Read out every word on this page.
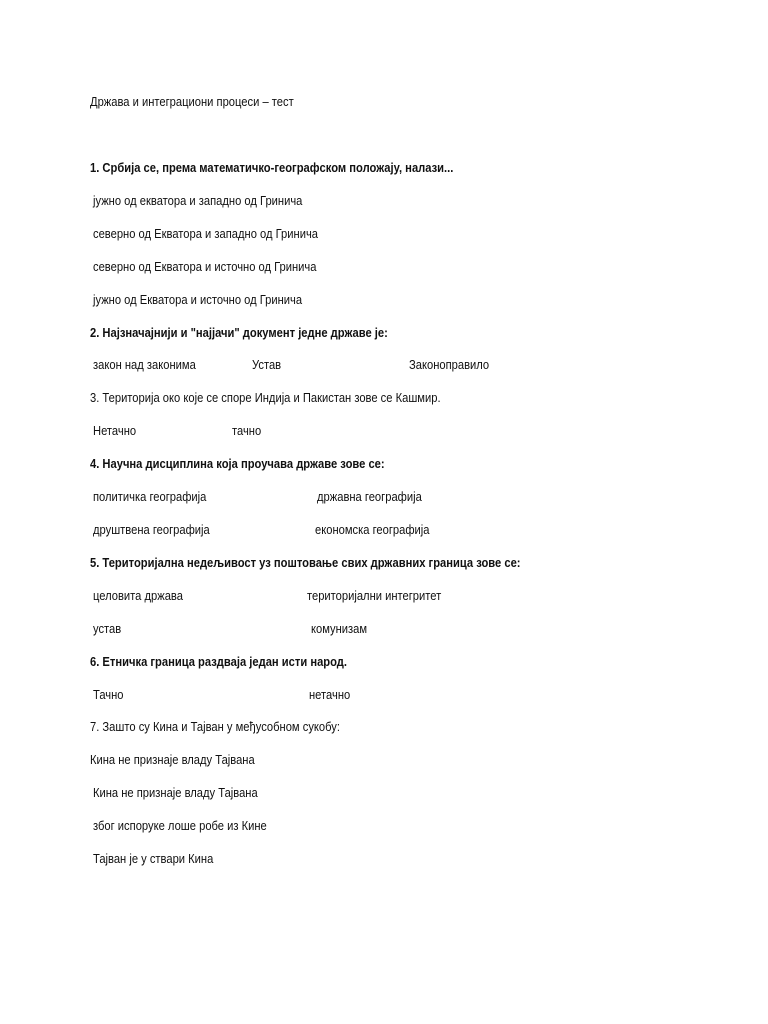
Држава и интеграциони процеси – тест
1. Србија се, према математичко-географском положају, налази...
јужно од екватора и западно од Гринича
северно од Екватора и западно од Гринича
северно од Екватора и источно од Гринича
јужно од Екватора и источно од Гринича
2. Најзначајнији и "најјачи" документ једне државе је:
закон над законима	Устав	Законоправило
3. Територија око које се споре Индија и Пакистан зове се Кашмир.
Нетачно	тачно
4. Научна дисциплина која проучава државе зове се:
политичка географија	државна географија
друштвена географија	економска географија
5. Територијална недељивост уз поштовање свих државних граница зове се:
целовита држава	територијални интегритет
устав	комунизам
6. Етничка граница раздваја један исти народ.
Тачно	нетачно
7. Зашто су Кина и Тајван у међусобном сукобу:
Кина не признаје владу Тајвана
Кина не признаје владу Тајвана
због испоруке лоше робе из Кине
Тајван је у ствари Кина
